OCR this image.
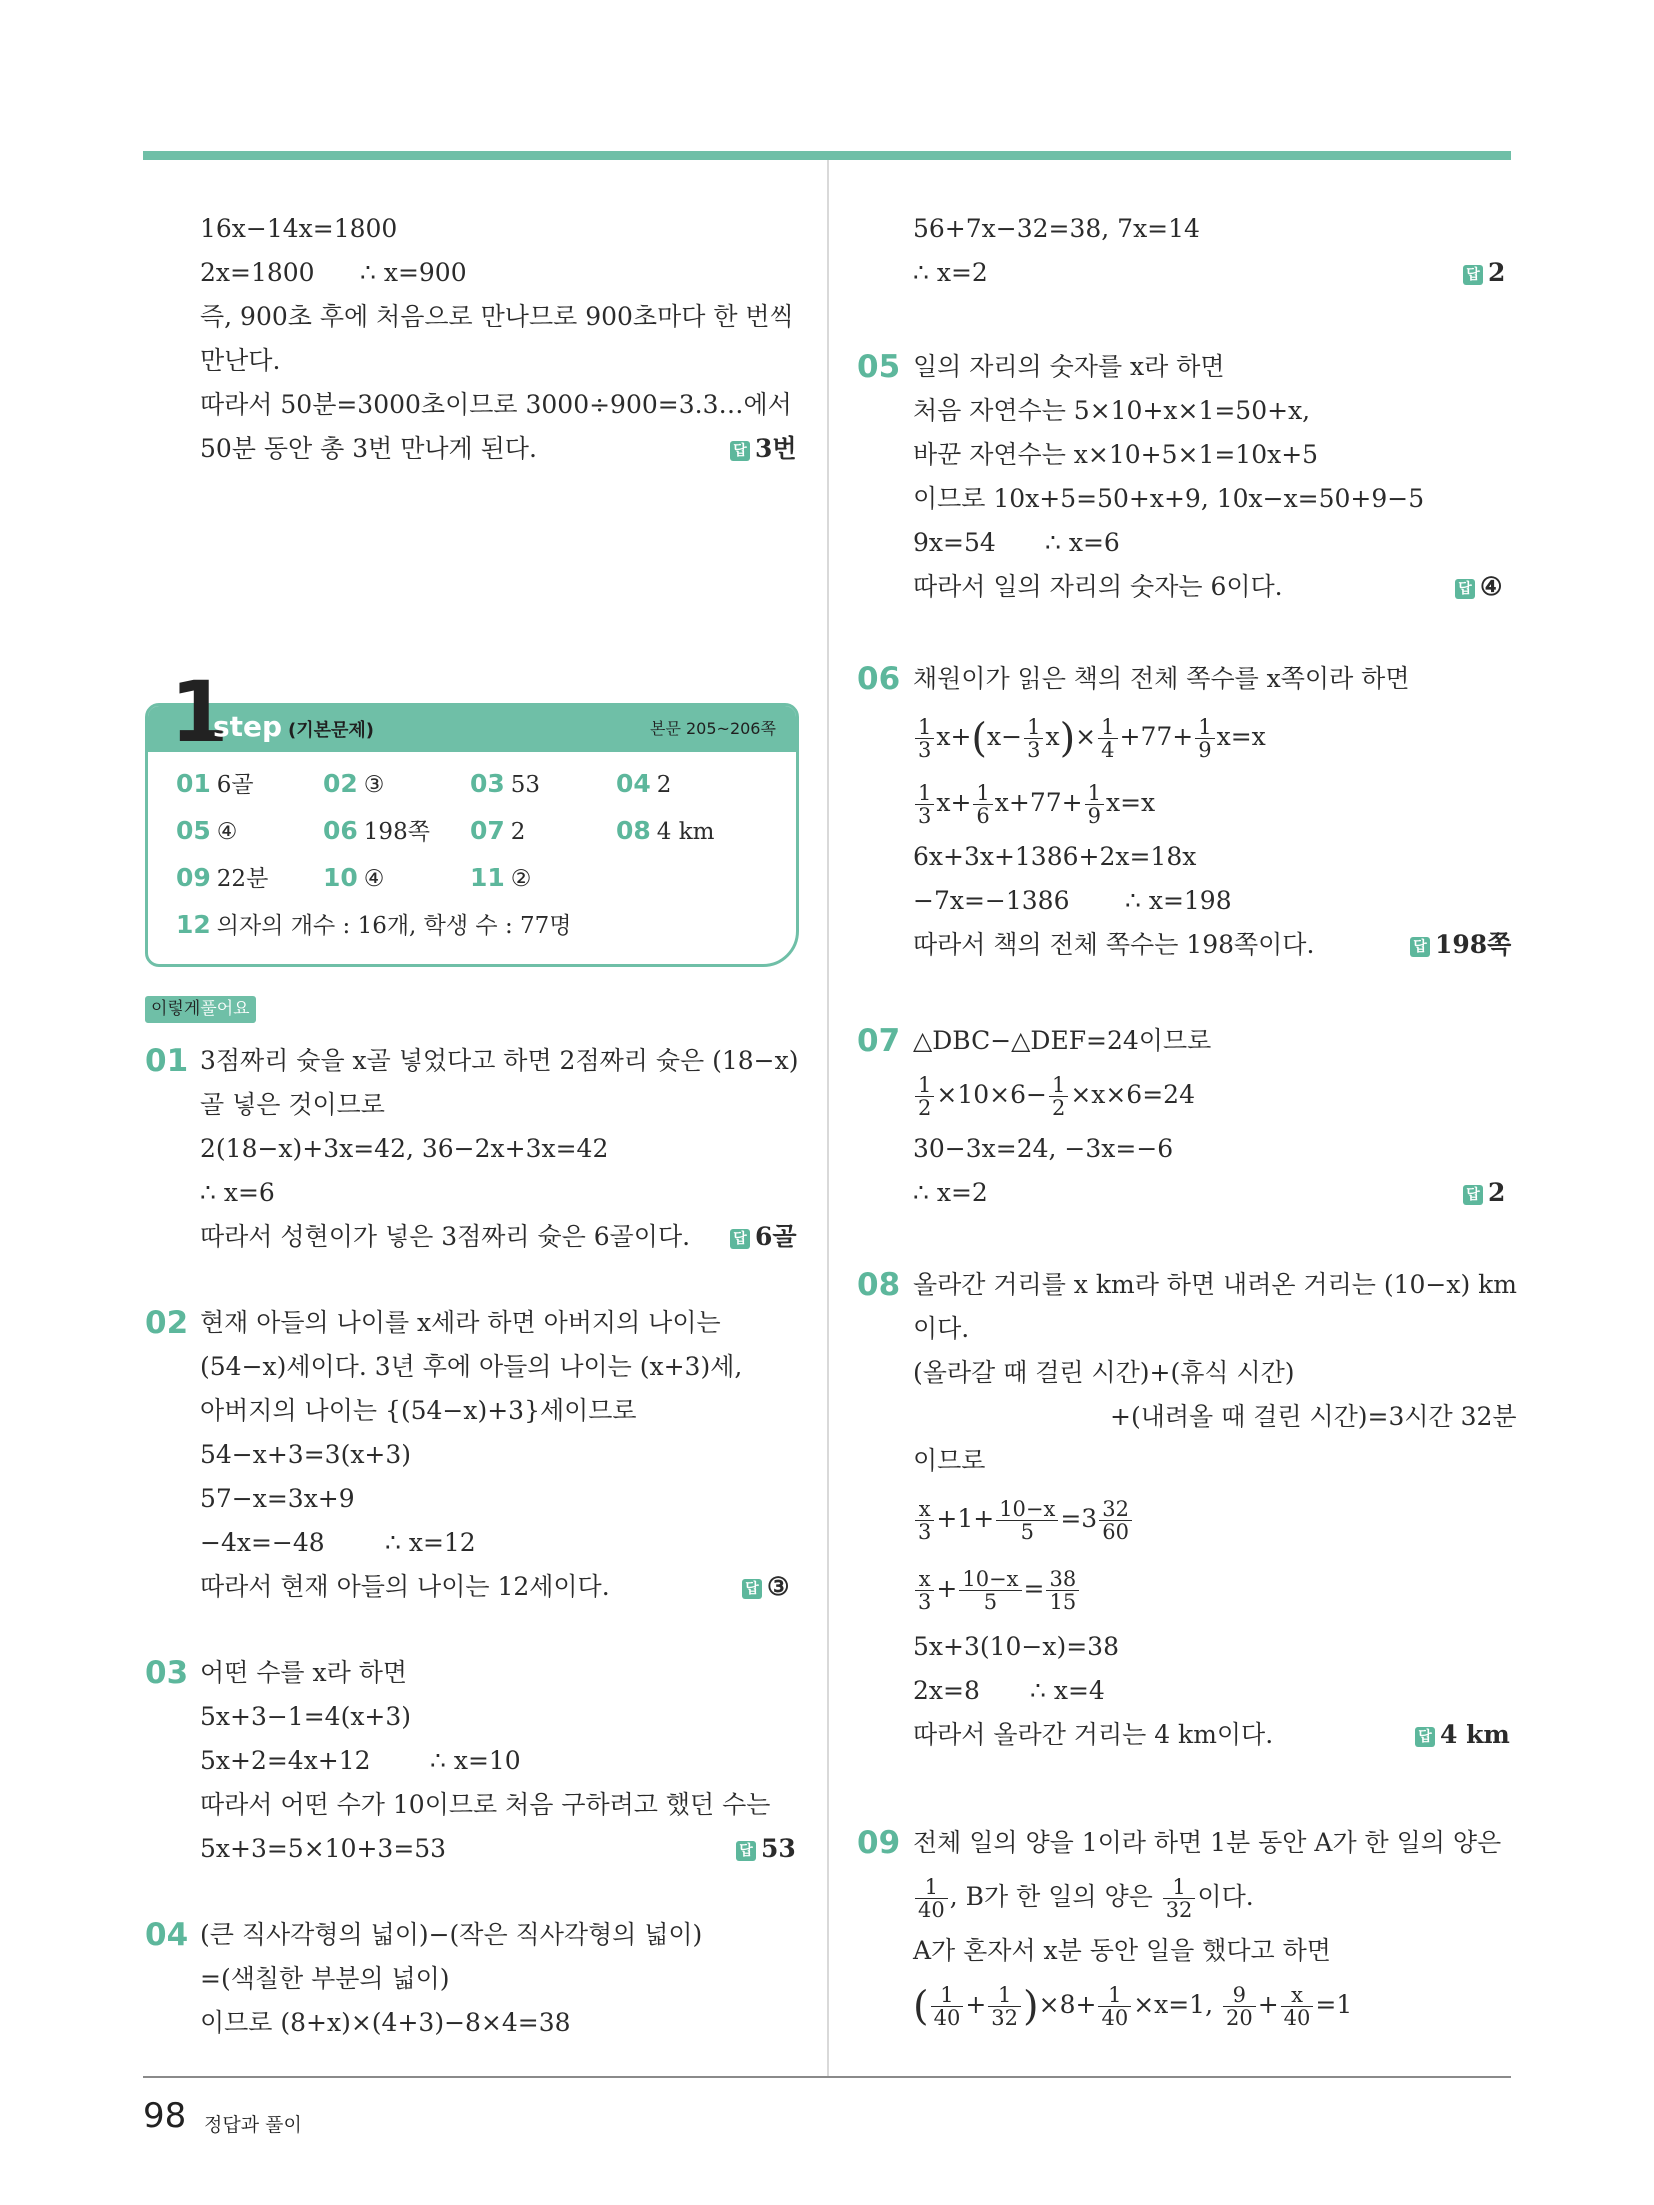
16x−14x=1800
2x=1800 ∴ x=900
즉, 900초 후에 처음으로 만나므로 900초마다 한 번씩
만난다.
따라서 50분=3000초이므로 3000÷900=3.3…에서
50분 동안 총 3번 만나게 된다.	답 3번
1
step (기본문제)	본문 205~206쪽
01 6골	02 ③	03 53	04 2
05 ④	06 198쪽 07 2	08 4 km
09 22분 10 ④	11 ②
12 의자의 개수 : 16개, 학생 수 : 77명
이렇게풀어요
01 3점짜리 슛을 x골 넣었다고 하면 2점짜리 슛은 (18−x)
골 넣은 것이므로
2(18−x)+3x=42, 36−2x+3x=42
∴ x=6
따라서 성현이가 넣은 3점짜리 슛은 6골이다.	답 6골
02 현재 아들의 나이를 x세라 하면 아버지의 나이는
(54−x)세이다. 3년 후에 아들의 나이는 (x+3)세,
아버지의 나이는 {(54−x)+3}세이므로
54−x+3=3(x+3)
57−x=3x+9
−4x=−48 ∴ x=12
따라서 현재 아들의 나이는 12세이다.	답 ③
03 어떤 수를 x라 하면
5x+3−1=4(x+3)
5x+2=4x+12 ∴ x=10
따라서 어떤 수가 10이므로 처음 구하려고 했던 수는
5x+3=5×10+3=53	답 53
04 (큰 직사각형의 넓이)−(작은 직사각형의 넓이)
=(색칠한 부분의 넓이)
이므로 (8+x)×(4+3)−8×4=38
56+7x−32=38, 7x=14
∴ x=2	답 2
05 일의 자리의 숫자를 x라 하면
처음 자연수는 5×10+x×1=50+x,
바꾼 자연수는 x×10+5×1=10x+5
이므로 10x+5=50+x+9, 10x−x=50+9−5
9x=54 ∴ x=6
따라서 일의 자리의 숫자는 6이다.	답 ④
06 채원이가 읽은 책의 전체 쪽수를 x쪽이라 하면
$\frac{1}{3} x+(x- \frac{1}{3} x)\times \frac{1}{4} +77+ \frac{1}{9} x=x$
$\frac{1}{3} x+ \frac{1}{6} x+77+ \frac{1}{9} x=x$
6x+3x+1386+2x=18x
−7x=−1386 ∴ x=198
따라서 책의 전체 쪽수는 198쪽이다.	답 198쪽
07 △DBC−△DEF=24이므로
$\frac{1}{2} \times 10\times 6- \frac{1}{2} \times x\times 6=24$
30−3x=24, −3x=−6
∴ x=2	답 2
08 올라간 거리를 x km라 하면 내려온 거리는 (10−x) km
이다.
(올라갈 때 걸린 시간)+(휴식 시간)
+(내려올 때 걸린 시간)=3시간 32분
이므로
$\frac{x}{3} +1+ \frac{10-x}{5} =3 \frac{32}{60}$
$\frac{x}{3} + \frac{10-x}{5} = \frac{38}{15}$
5x+3(10−x)=38
2x=8 ∴ x=4
따라서 올라간 거리는 4 km이다.	답 4 km
09 전체 일의 양을 1이라 하면 1분 동안 A가 한 일의 양은
$\frac{1}{40}$ , B가 한 일의 양은 $\frac{1}{32}$ 이다.
A가 혼자서 x분 동안 일을 했다고 하면
( $\frac{1}{40} + \frac{1}{32} )\times 8+ \frac{1}{40} \times x=1$, $\frac{9}{20} + \frac{x}{40} =1$
98 정답과 풀이
